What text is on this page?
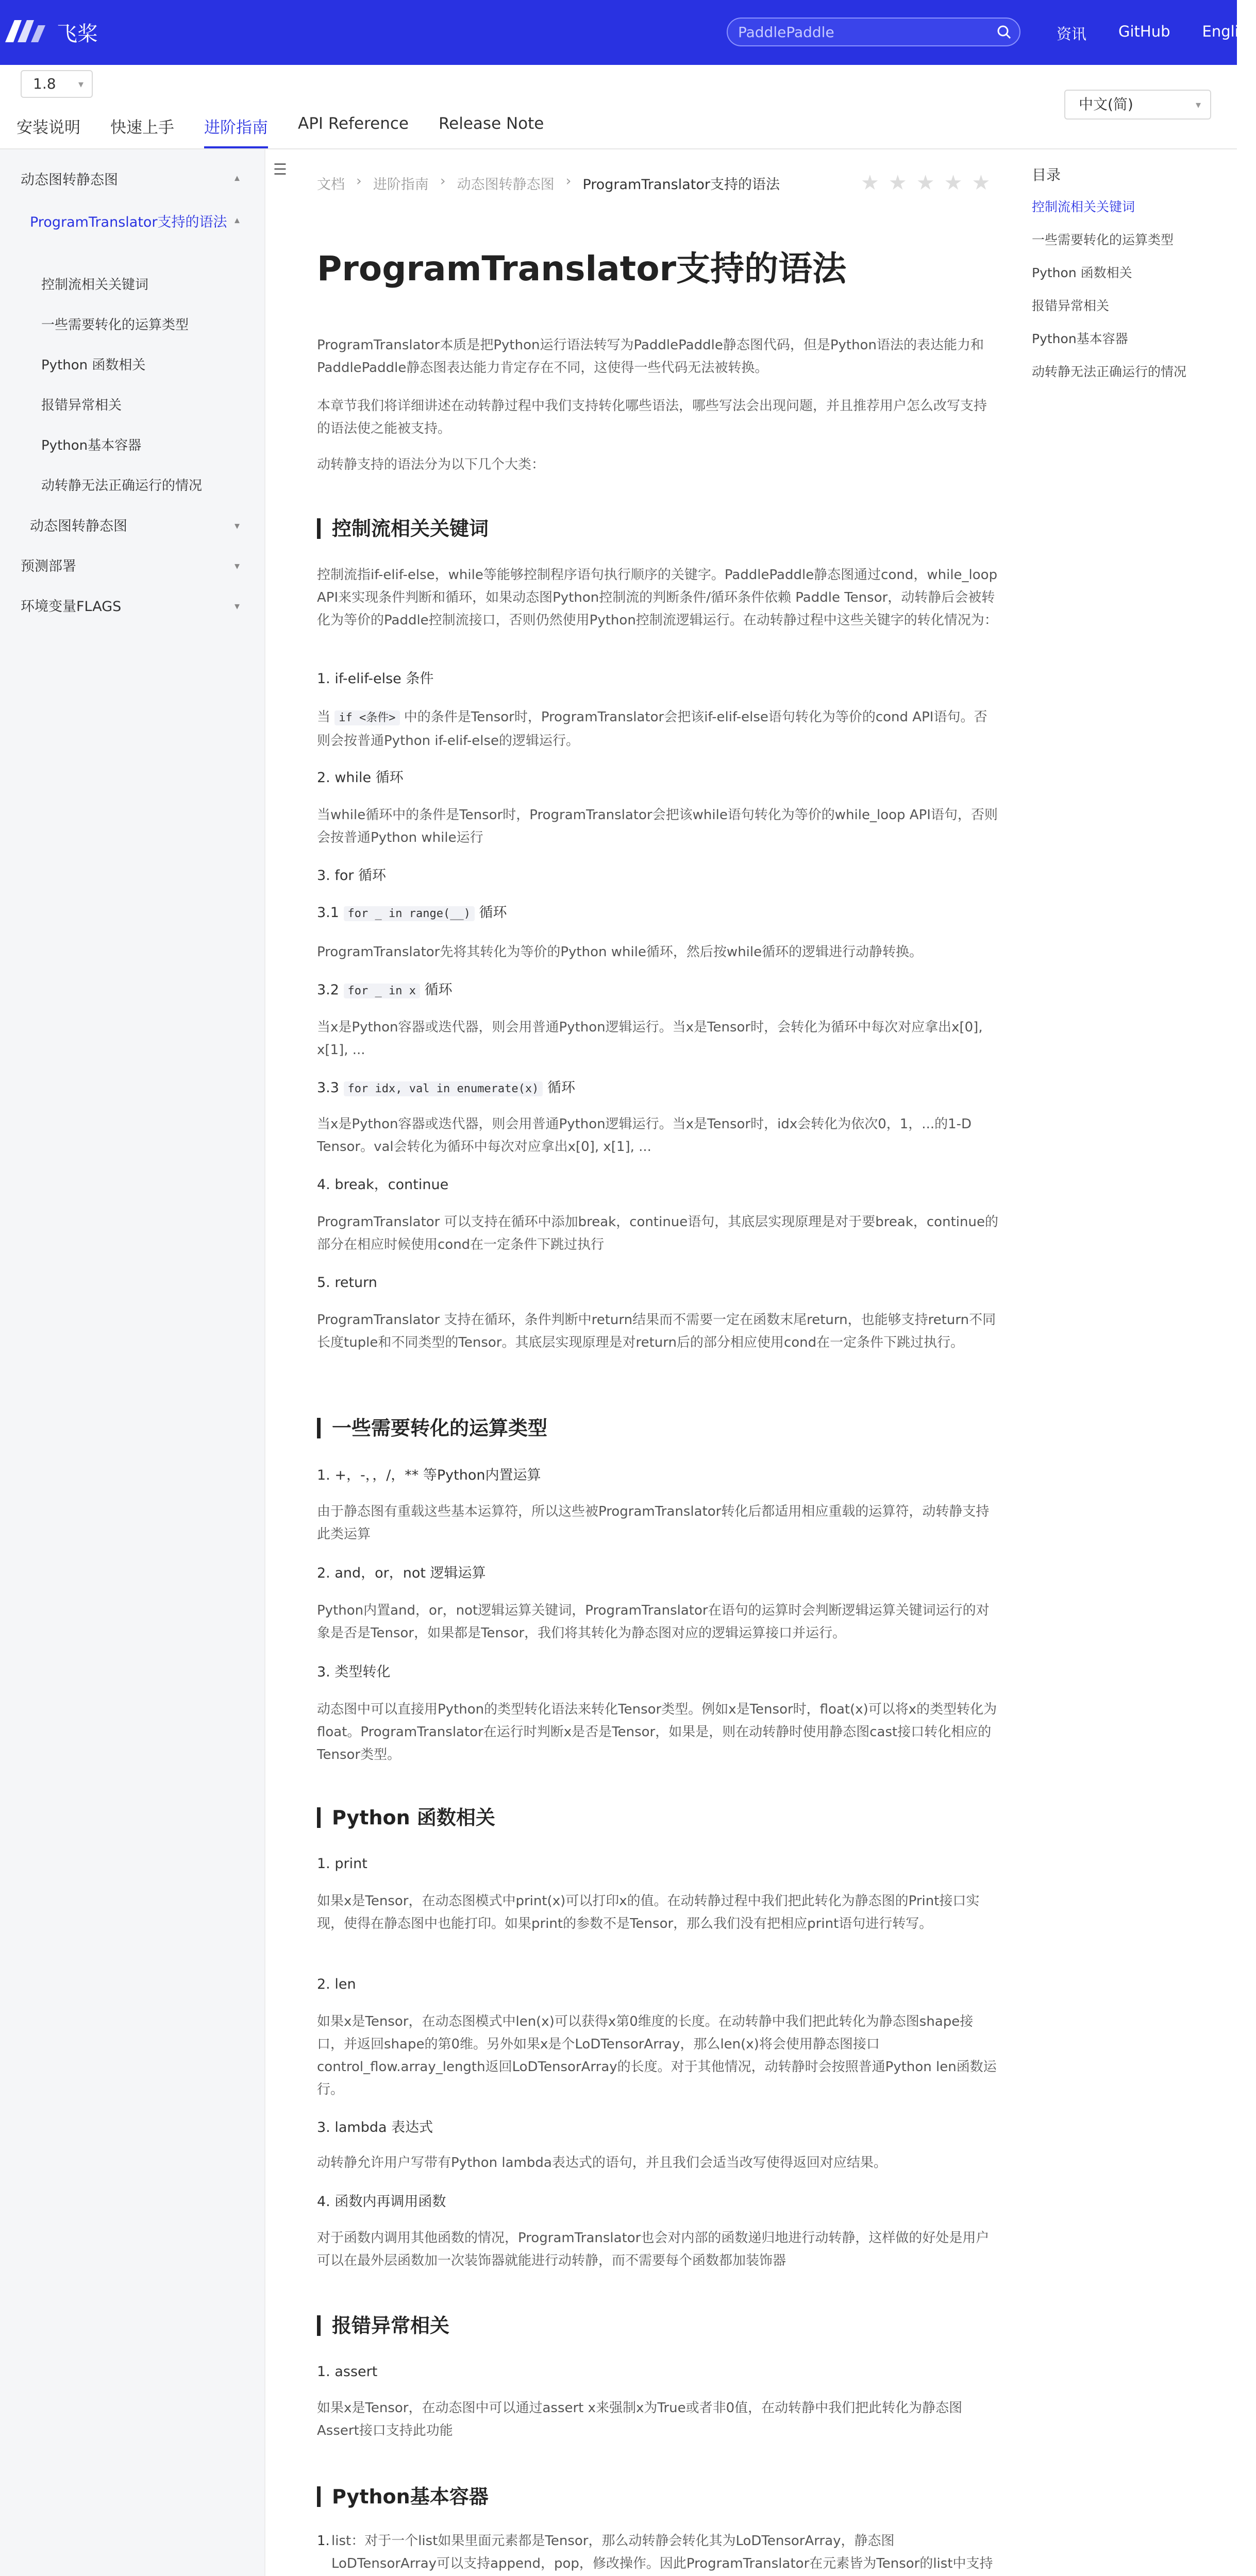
飞桨
PaddlePaddle	资讯 GitHub English
1.8 ▾
安装说明 快速上手 进阶指南 API Reference Release Note
中文(简)	▾
动态图转静态图	▾
ProgramTranslator支持的语法 ▾
控制流相关关键词
一些需要转化的运算类型
Python 函数相关
报错异常相关
Python基本容器
动转静无法正确运行的情况
动态图转静态图	▾
预测部署	▾
环境变量FLAGS	▾
☰
文档 › 进阶指南 › 动态图转静态图 › ProgramTranslator支持的语法	★ ★ ★ ★ ★	目录
控制流相关关键词
一些需要转化的运算类型
Python 函数相关
报错异常相关
Python基本容器
动转静无法正确运行的情况
ProgramTranslator支持的语法

ProgramTranslator本质是把Python运行语法转写为PaddlePaddle静态图代码，但是Python语法的表达能力和PaddlePaddle静态图表达能力肯定存在不同，这使得一些代码无法被转换。

本章节我们将详细讲述在动转静过程中我们支持转化哪些语法，哪些写法会出现问题，并且推荐用户怎么改写支持的语法使之能被支持。

动转静支持的语法分为以下几个大类：

控制流相关关键词

控制流指if-elif-else，while等能够控制程序语句执行顺序的关键字。PaddlePaddle静态图通过cond，while_loop API来实现条件判断和循环，如果动态图Python控制流的判断条件/循环条件依赖 Paddle Tensor，动转静后会被转化为等价的Paddle控制流接口，否则仍然使用Python控制流逻辑运行。在动转静过程中这些关键字的转化情况为：

1. if-elif-else 条件

当 if <条件> 中的条件是Tensor时，ProgramTranslator会把该if-elif-else语句转化为等价的cond API语句。否则会按普通Python if-elif-else的逻辑运行。

2. while 循环

当while循环中的条件是Tensor时，ProgramTranslator会把该while语句转化为等价的while_loop API语句，否则会按普通Python while运行

3. for 循环
3.1 for _ in range(__) 循环

ProgramTranslator先将其转化为等价的Python while循环，然后按while循环的逻辑进行动静转换。

3.2 for _ in x 循环

当x是Python容器或迭代器，则会用普通Python逻辑运行。当x是Tensor时，会转化为循环中每次对应拿出x[0], x[1], ...

3.3 for idx, val in enumerate(x) 循环

当x是Python容器或迭代器，则会用普通Python逻辑运行。当x是Tensor时，idx会转化为依次0，1，...的1-D Tensor。val会转化为循环中每次对应拿出x[0], x[1], ...

4. break，continue

ProgramTranslator 可以支持在循环中添加break，continue语句，其底层实现原理是对于要break，continue的部分在相应时候使用cond在一定条件下跳过执行

5. return

ProgramTranslator 支持在循环，条件判断中return结果而不需要一定在函数末尾return，也能够支持return不同长度tuple和不同类型的Tensor。其底层实现原理是对return后的部分相应使用cond在一定条件下跳过执行。

一些需要转化的运算类型
1. +，-，，/，** 等Python内置运算

由于静态图有重载这些基本运算符，所以这些被ProgramTranslator转化后都适用相应重载的运算符，动转静支持此类运算

2. and，or，not 逻辑运算

Python内置and，or，not逻辑运算关键词，ProgramTranslator在语句的运算时会判断逻辑运算关键词运行的对象是否是Tensor，如果都是Tensor，我们将其转化为静态图对应的逻辑运算接口并运行。

3. 类型转化

动态图中可以直接用Python的类型转化语法来转化Tensor类型。例如x是Tensor时，float(x)可以将x的类型转化为float。ProgramTranslator在运行时判断x是否是Tensor，如果是，则在动转静时使用静态图cast接口转化相应的Tensor类型。

Python 函数相关
1. print

如果x是Tensor，在动态图模式中print(x)可以打印x的值。在动转静过程中我们把此转化为静态图的Print接口实现，使得在静态图中也能打印。如果print的参数不是Tensor，那么我们没有把相应print语句进行转写。

2. len

如果x是Tensor，在动态图模式中len(x)可以获得x第0维度的长度。在动转静中我们把此转化为静态图shape接口，并返回shape的第0维。另外如果x是个LoDTensorArray，那么len(x)将会使用静态图接口control_flow.array_length返回LoDTensorArray的长度。对于其他情况，动转静时会按照普通Python len函数运行。

3. lambda 表达式

动转静允许用户写带有Python lambda表达式的语句，并且我们会适当改写使得返回对应结果。

4. 函数内再调用函数

对于函数内调用其他函数的情况，ProgramTranslator也会对内部的函数递归地进行动转静，这样做的好处是用户可以在最外层函数加一次装饰器就能进行动转静，而不需要每个函数都加装饰器

报错异常相关
1. assert

如果x是Tensor，在动态图中可以通过assert x来强制x为True或者非0值，在动转静中我们把此转化为静态图Assert接口支持此功能

Python基本容器
1. list：对于一个list如果里面元素都是Tensor，那么动转静会转化其为LoDTensorArray，静态图LoDTensorArray可以支持append，pop，修改操作。因此ProgramTranslator在元素皆为Tensor的list中支持
